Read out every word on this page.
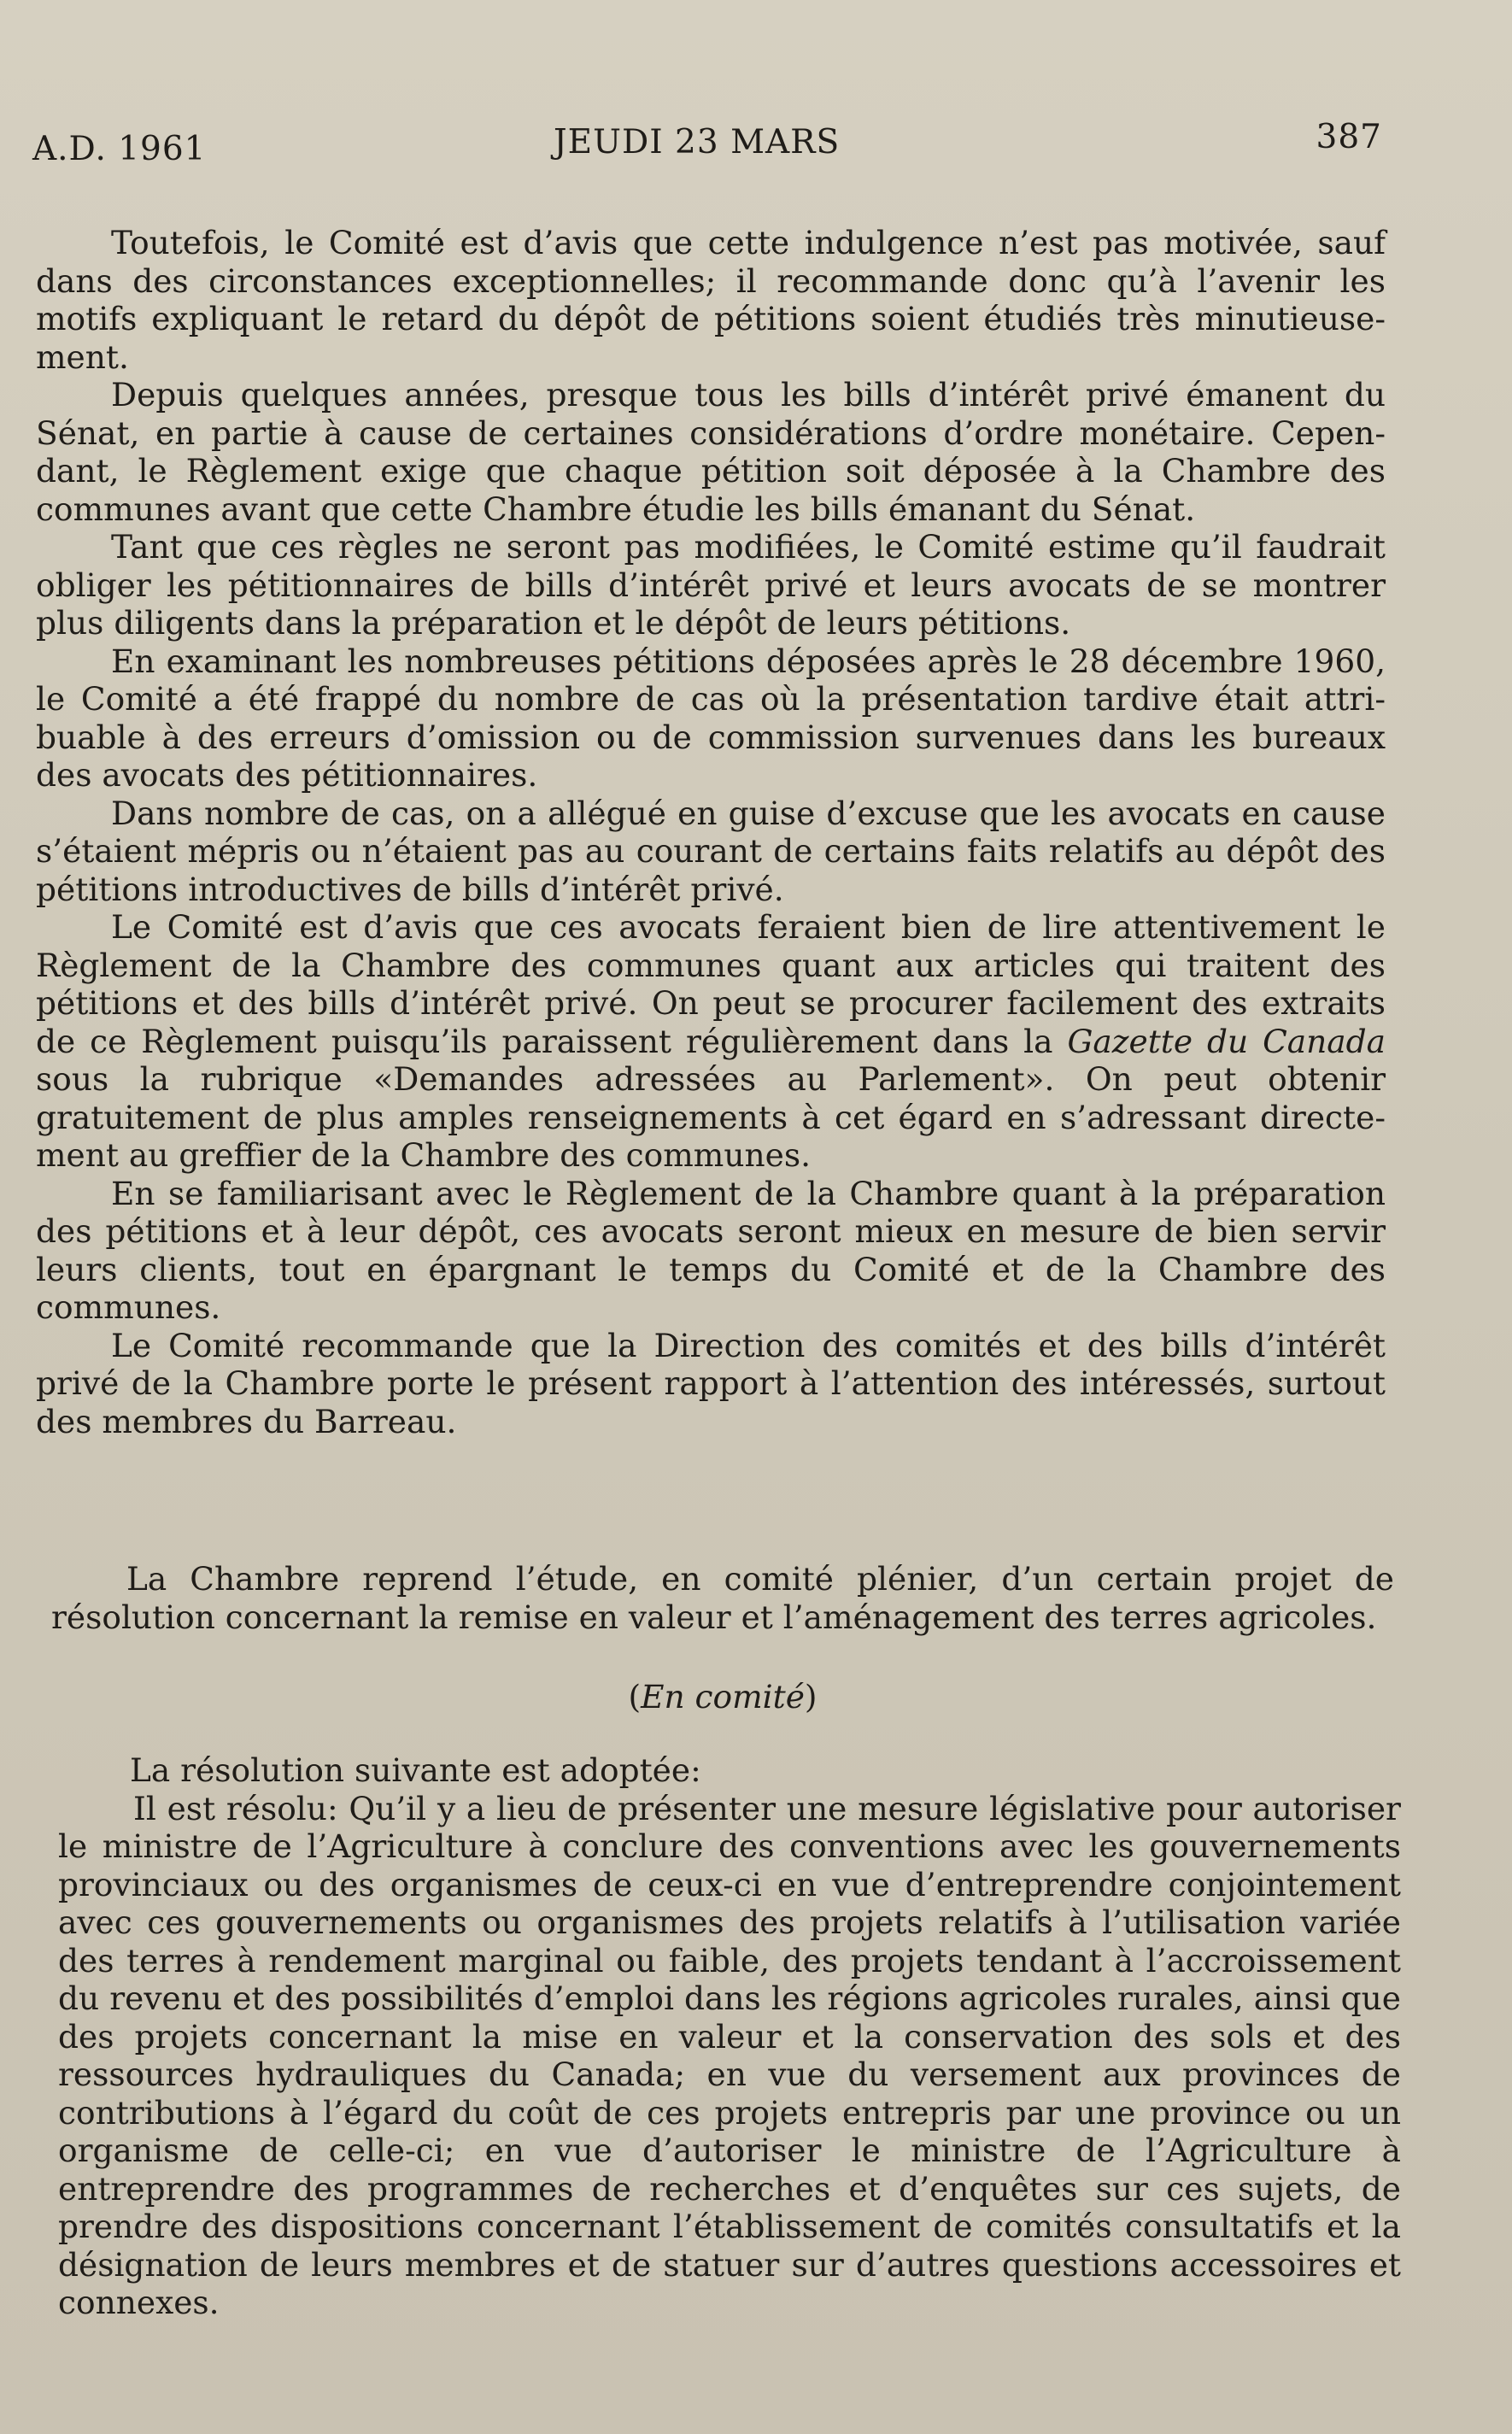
A.D. 1961	JEUDI 23 MARS	387

Toutefois, le Comité est d’avis que cette indulgence n’est pas motivée, sauf dans des circonstances exceptionnelles; il recommande donc qu’à l’avenir les motifs expliquant le retard du dépôt de pétitions soient étudiés très minutieusement.

Depuis quelques années, presque tous les bills d’intérêt privé émanent du Sénat, en partie à cause de certaines considérations d’ordre monétaire. Cependant, le Règlement exige que chaque pétition soit déposée à la Chambre des communes avant que cette Chambre étudie les bills émanant du Sénat.

Tant que ces règles ne seront pas modifiées, le Comité estime qu’il faudrait obliger les pétitionnaires de bills d’intérêt privé et leurs avocats de se montrer plus diligents dans la préparation et le dépôt de leurs pétitions.

En examinant les nombreuses pétitions déposées après le 28 décembre 1960, le Comité a été frappé du nombre de cas où la présentation tardive était attribuable à des erreurs d’omission ou de commission survenues dans les bureaux des avocats des pétitionnaires.

Dans nombre de cas, on a allégué en guise d’excuse que les avocats en cause s’étaient mépris ou n’étaient pas au courant de certains faits relatifs au dépôt des pétitions introductives de bills d’intérêt privé.

Le Comité est d’avis que ces avocats feraient bien de lire attentivement le Règlement de la Chambre des communes quant aux articles qui traitent des pétitions et des bills d’intérêt privé. On peut se procurer facilement des extraits de ce Règlement puisqu’ils paraissent régulièrement dans la Gazette du Canada sous la rubrique «Demandes adressées au Parlement». On peut obtenir gratuitement de plus amples renseignements à cet égard en s’adressant directement au greffier de la Chambre des communes.

En se familiarisant avec le Règlement de la Chambre quant à la préparation des pétitions et à leur dépôt, ces avocats seront mieux en mesure de bien servir leurs clients, tout en épargnant le temps du Comité et de la Chambre des communes.

Le Comité recommande que la Direction des comités et des bills d’intérêt privé de la Chambre porte le présent rapport à l’attention des intéressés, surtout des membres du Barreau.

La Chambre reprend l’étude, en comité plénier, d’un certain projet de résolution concernant la remise en valeur et l’aménagement des terres agricoles.

(En comité)

La résolution suivante est adoptée:

Il est résolu: Qu’il y a lieu de présenter une mesure législative pour autoriser le ministre de l’Agriculture à conclure des conventions avec les gouvernements provinciaux ou des organismes de ceux-ci en vue d’entreprendre conjointement avec ces gouvernements ou organismes des projets relatifs à l’utilisation variée des terres à rendement marginal ou faible, des projets tendant à l’accroissement du revenu et des possibilités d’emploi dans les régions agricoles rurales, ainsi que des projets concernant la mise en valeur et la conservation des sols et des ressources hydrauliques du Canada; en vue du versement aux provinces de contributions à l’égard du coût de ces projets entrepris par une province ou un organisme de celle-ci; en vue d’autoriser le ministre de l’Agriculture à entreprendre des programmes de recherches et d’enquêtes sur ces sujets, de prendre des dispositions concernant l’établissement de comités consultatifs et la désignation de leurs membres et de statuer sur d’autres questions accessoires et connexes.
